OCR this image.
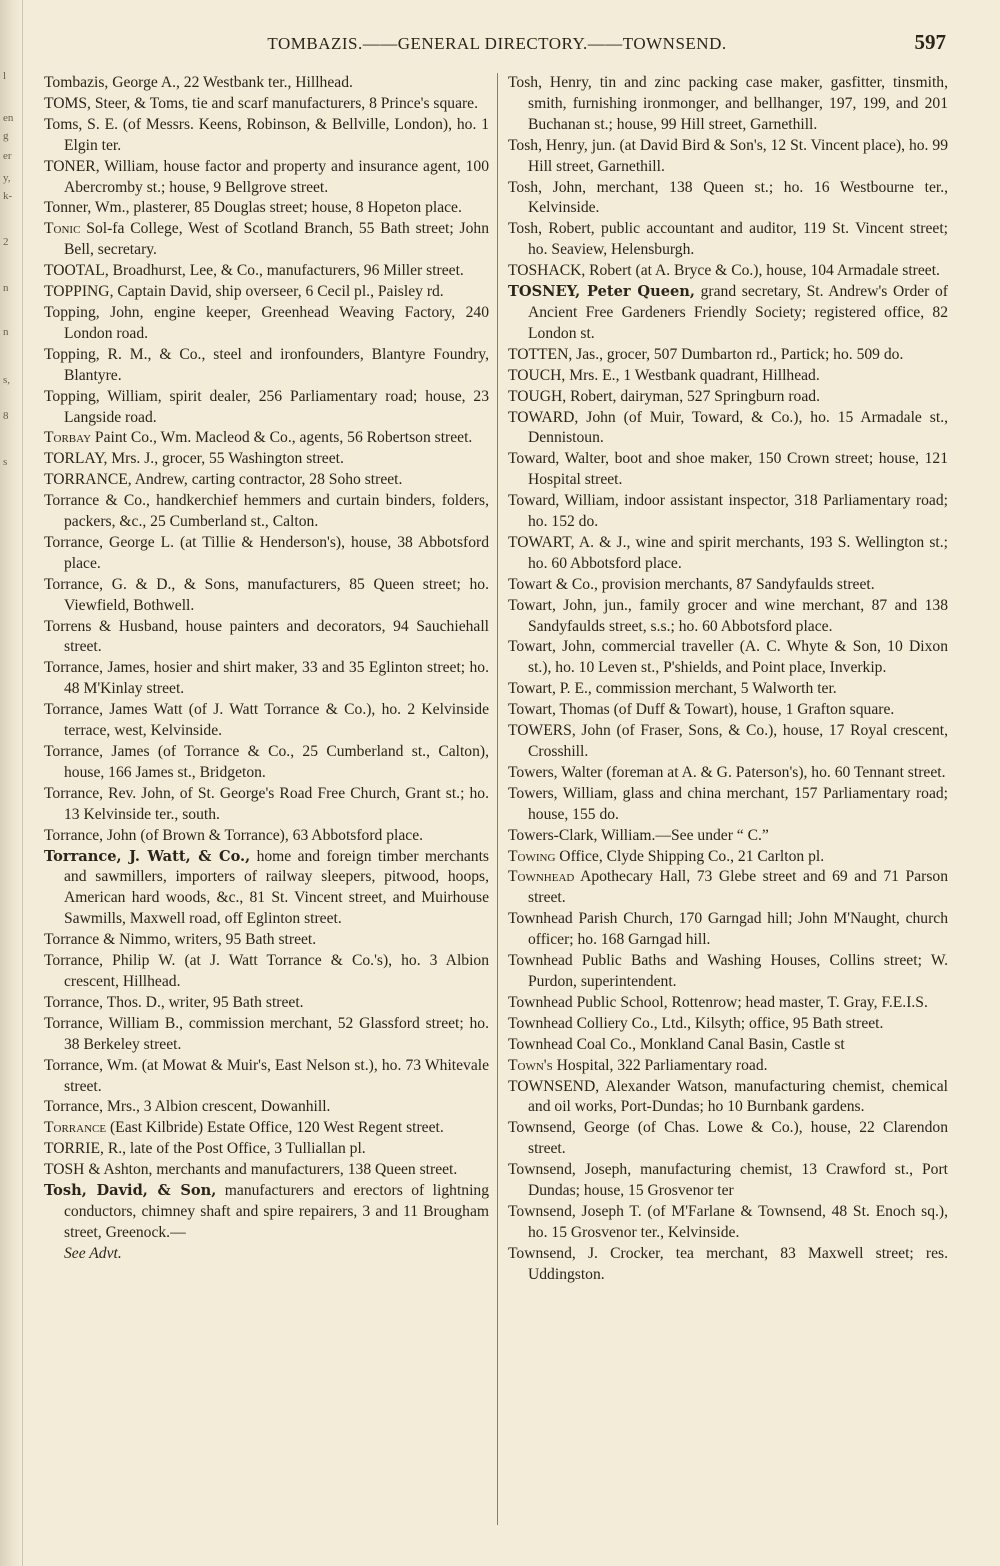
l
en
g
er
y,
k-
2
n
n
s,
8
s
TOMBAZIS.——GENERAL DIRECTORY.——TOWNSEND.	597

Tombazis, George A., 22 Westbank ter., Hillhead.

TOMS, Steer, & Toms, tie and scarf manufacturers, 8 Prince's square.

Toms, S. E. (of Messrs. Keens, Robinson, & Bellville, London), ho. 1 Elgin ter.

TONER, William, house factor and property and insurance agent, 100 Abercromby st.; house, 9 Bellgrove street.

Tonner, Wm., plasterer, 85 Douglas street; house, 8 Hopeton place.

Tonic Sol-fa College, West of Scotland Branch, 55 Bath street; John Bell, secretary.

TOOTAL, Broadhurst, Lee, & Co., manufacturers, 96 Miller street.

TOPPING, Captain David, ship overseer, 6 Cecil pl., Paisley rd.

Topping, John, engine keeper, Greenhead Weaving Factory, 240 London road.

Topping, R. M., & Co., steel and ironfounders, Blantyre Foundry, Blantyre.

Topping, William, spirit dealer, 256 Parliamentary road; house, 23 Langside road.

Torbay Paint Co., Wm. Macleod & Co., agents, 56 Robertson street.

TORLAY, Mrs. J., grocer, 55 Washington street.

TORRANCE, Andrew, carting contractor, 28 Soho street.

Torrance & Co., handkerchief hemmers and curtain binders, folders, packers, &c., 25 Cumberland st., Calton.

Torrance, George L. (at Tillie & Henderson's), house, 38 Abbotsford place.

Torrance, G. & D., & Sons, manufacturers, 85 Queen street; ho. Viewfield, Bothwell.

Torrens & Husband, house painters and decorators, 94 Sauchiehall street.

Torrance, James, hosier and shirt maker, 33 and 35 Eglinton street; ho. 48 M'Kinlay street.

Torrance, James Watt (of J. Watt Torrance & Co.), ho. 2 Kelvinside terrace, west, Kelvinside.

Torrance, James (of Torrance & Co., 25 Cumberland st., Calton), house, 166 James st., Bridgeton.

Torrance, Rev. John, of St. George's Road Free Church, Grant st.; ho. 13 Kelvinside ter., south.

Torrance, John (of Brown & Torrance), 63 Abbotsford place.

Torrance, J. Watt, & Co., home and foreign timber merchants and sawmillers, importers of railway sleepers, pitwood, hoops, American hard woods, &c., 81 St. Vincent street, and Muirhouse Sawmills, Maxwell road, off Eglinton street.

Torrance & Nimmo, writers, 95 Bath street.

Torrance, Philip W. (at J. Watt Torrance & Co.'s), ho. 3 Albion crescent, Hillhead.

Torrance, Thos. D., writer, 95 Bath street.

Torrance, William B., commission merchant, 52 Glassford street; ho. 38 Berkeley street.

Torrance, Wm. (at Mowat & Muir's, East Nelson st.), ho. 73 Whitevale street.

Torrance, Mrs., 3 Albion crescent, Dowanhill.

Torrance (East Kilbride) Estate Office, 120 West Regent street.

TORRIE, R., late of the Post Office, 3 Tulliallan pl.

TOSH & Ashton, merchants and manufacturers, 138 Queen street.

Tosh, David, & Son, manufacturers and erectors of lightning conductors, chimney shaft and spire repairers, 3 and 11 Brougham street, Greenock.—
See Advt.

Tosh, Henry, tin and zinc packing case maker, gasfitter, tinsmith, smith, furnishing ironmonger, and bellhanger, 197, 199, and 201 Buchanan st.; house, 99 Hill street, Garnethill.

Tosh, Henry, jun. (at David Bird & Son's, 12 St. Vincent place), ho. 99 Hill street, Garnethill.

Tosh, John, merchant, 138 Queen st.; ho. 16 Westbourne ter., Kelvinside.

Tosh, Robert, public accountant and auditor, 119 St. Vincent street; ho. Seaview, Helensburgh.

TOSHACK, Robert (at A. Bryce & Co.), house, 104 Armadale street.

TOSNEY, Peter Queen, grand secretary, St. Andrew's Order of Ancient Free Gardeners Friendly Society; registered office, 82 London st.

TOTTEN, Jas., grocer, 507 Dumbarton rd., Partick; ho. 509 do.

TOUCH, Mrs. E., 1 Westbank quadrant, Hillhead.

TOUGH, Robert, dairyman, 527 Springburn road.

TOWARD, John (of Muir, Toward, & Co.), ho. 15 Armadale st., Dennistoun.

Toward, Walter, boot and shoe maker, 150 Crown street; house, 121 Hospital street.

Toward, William, indoor assistant inspector, 318 Parliamentary road; ho. 152 do.

TOWART, A. & J., wine and spirit merchants, 193 S. Wellington st.; ho. 60 Abbotsford place.

Towart & Co., provision merchants, 87 Sandyfaulds street.

Towart, John, jun., family grocer and wine merchant, 87 and 138 Sandyfaulds street, s.s.; ho. 60 Abbotsford place.

Towart, John, commercial traveller (A. C. Whyte & Son, 10 Dixon st.), ho. 10 Leven st., P'shields, and Point place, Inverkip.

Towart, P. E., commission merchant, 5 Walworth ter.

Towart, Thomas (of Duff & Towart), house, 1 Grafton square.

TOWERS, John (of Fraser, Sons, & Co.), house, 17 Royal crescent, Crosshill.

Towers, Walter (foreman at A. & G. Paterson's), ho. 60 Tennant street.

Towers, William, glass and china merchant, 157 Parliamentary road; house, 155 do.

Towers-Clark, William.—See under “ C.”

Towing Office, Clyde Shipping Co., 21 Carlton pl.

Townhead Apothecary Hall, 73 Glebe street and 69 and 71 Parson street.

Townhead Parish Church, 170 Garngad hill; John M'Naught, church officer; ho. 168 Garngad hill.

Townhead Public Baths and Washing Houses, Collins street; W. Purdon, superintendent.

Townhead Public School, Rottenrow; head master, T. Gray, F.E.I.S.

Townhead Colliery Co., Ltd., Kilsyth; office, 95 Bath street.

Townhead Coal Co., Monkland Canal Basin, Castle st

Town's Hospital, 322 Parliamentary road.

TOWNSEND, Alexander Watson, manufacturing chemist, chemical and oil works, Port-Dundas; ho 10 Burnbank gardens.

Townsend, George (of Chas. Lowe & Co.), house, 22 Clarendon street.

Townsend, Joseph, manufacturing chemist, 13 Crawford st., Port Dundas; house, 15 Grosvenor ter

Townsend, Joseph T. (of M'Farlane & Townsend, 48 St. Enoch sq.), ho. 15 Grosvenor ter., Kelvinside.

Townsend, J. Crocker, tea merchant, 83 Maxwell street; res. Uddingston.
